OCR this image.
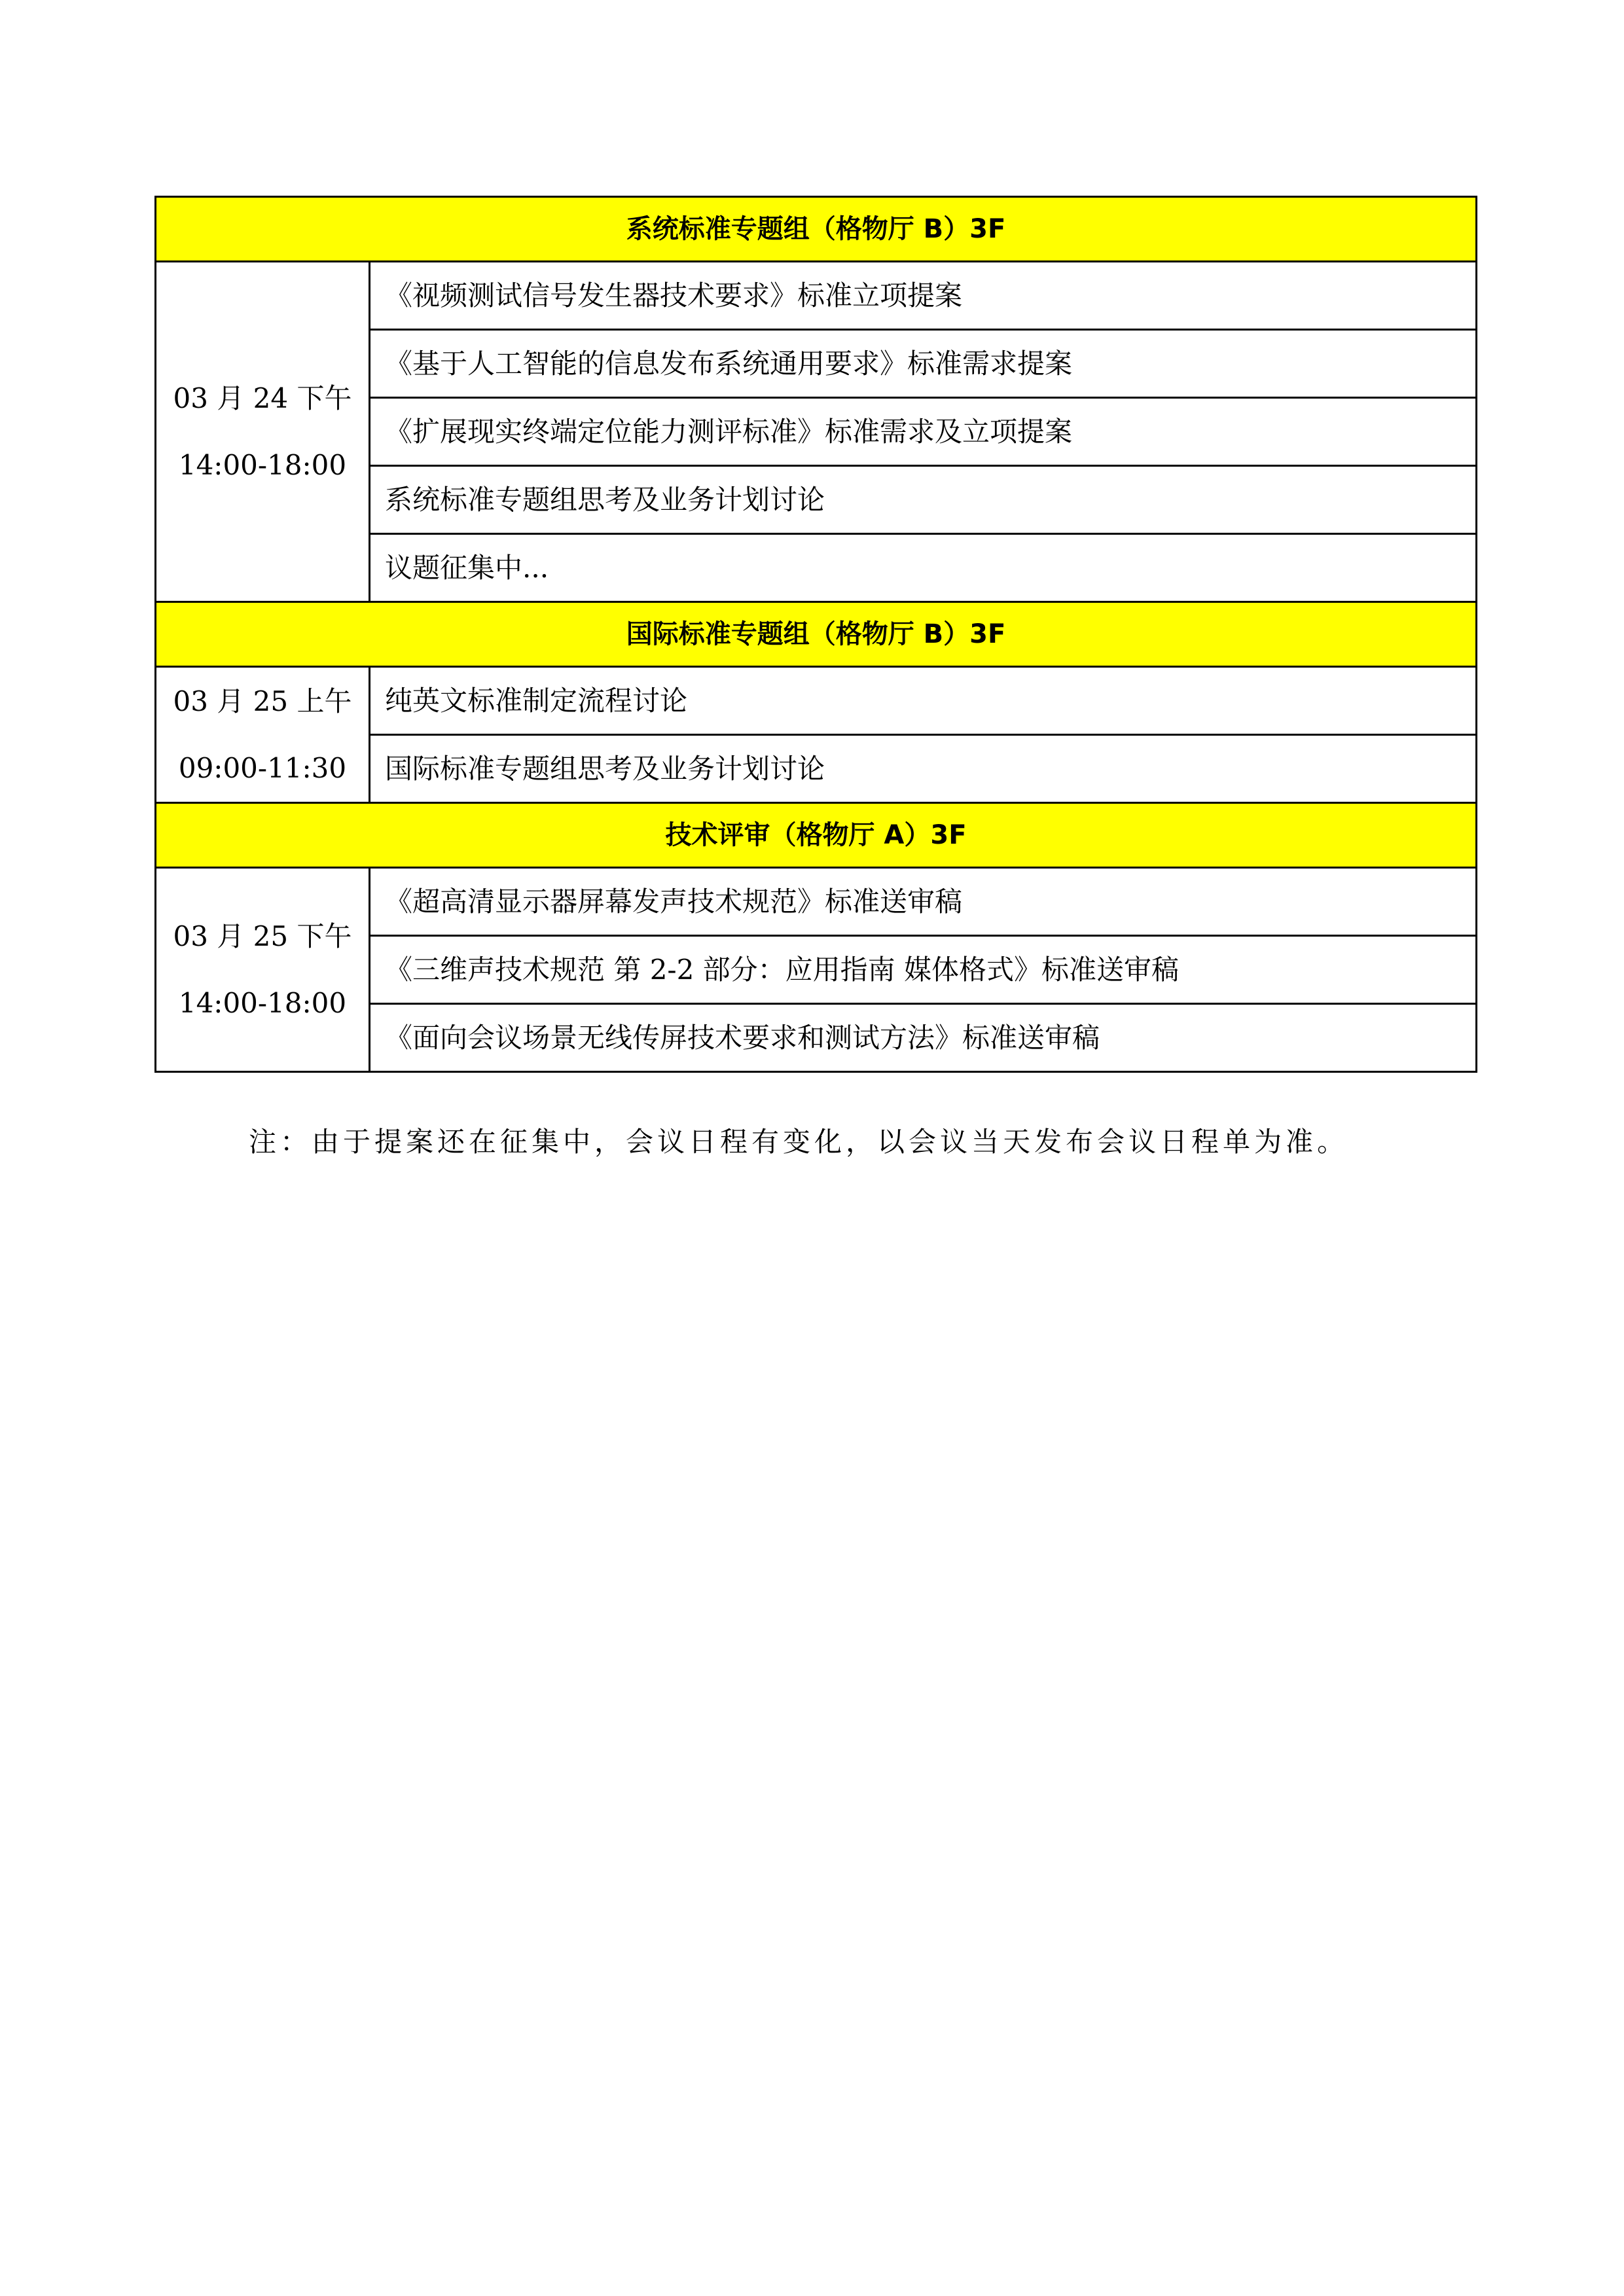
系统标准专题组（格物厅 B）3F	

03 月 24 下午
14:00-18:00	《视频测试信号发生器技术要求》标准立项提案
	《基于人工智能的信息发布系统通用要求》标准需求提案
	《扩展现实终端定位能力测评标准》标准需求及立项提案
	系统标准专题组思考及业务计划讨论
	议题征集中...
国际标准专题组（格物厅 B）3F	

03 月 25 上午
09:00-11:30	纯英文标准制定流程讨论
	国际标准专题组思考及业务计划讨论
技术评审（格物厅 A）3F	

03 月 25 下午
14:00-18:00	《超高清显示器屏幕发声技术规范》标准送审稿
	《三维声技术规范 第 2-2 部分：应用指南 媒体格式》标准送审稿
	《面向会议场景无线传屏技术要求和测试方法》标准送审稿
注：由于提案还在征集中，会议日程有变化，以会议当天发布会议日程单为准。
